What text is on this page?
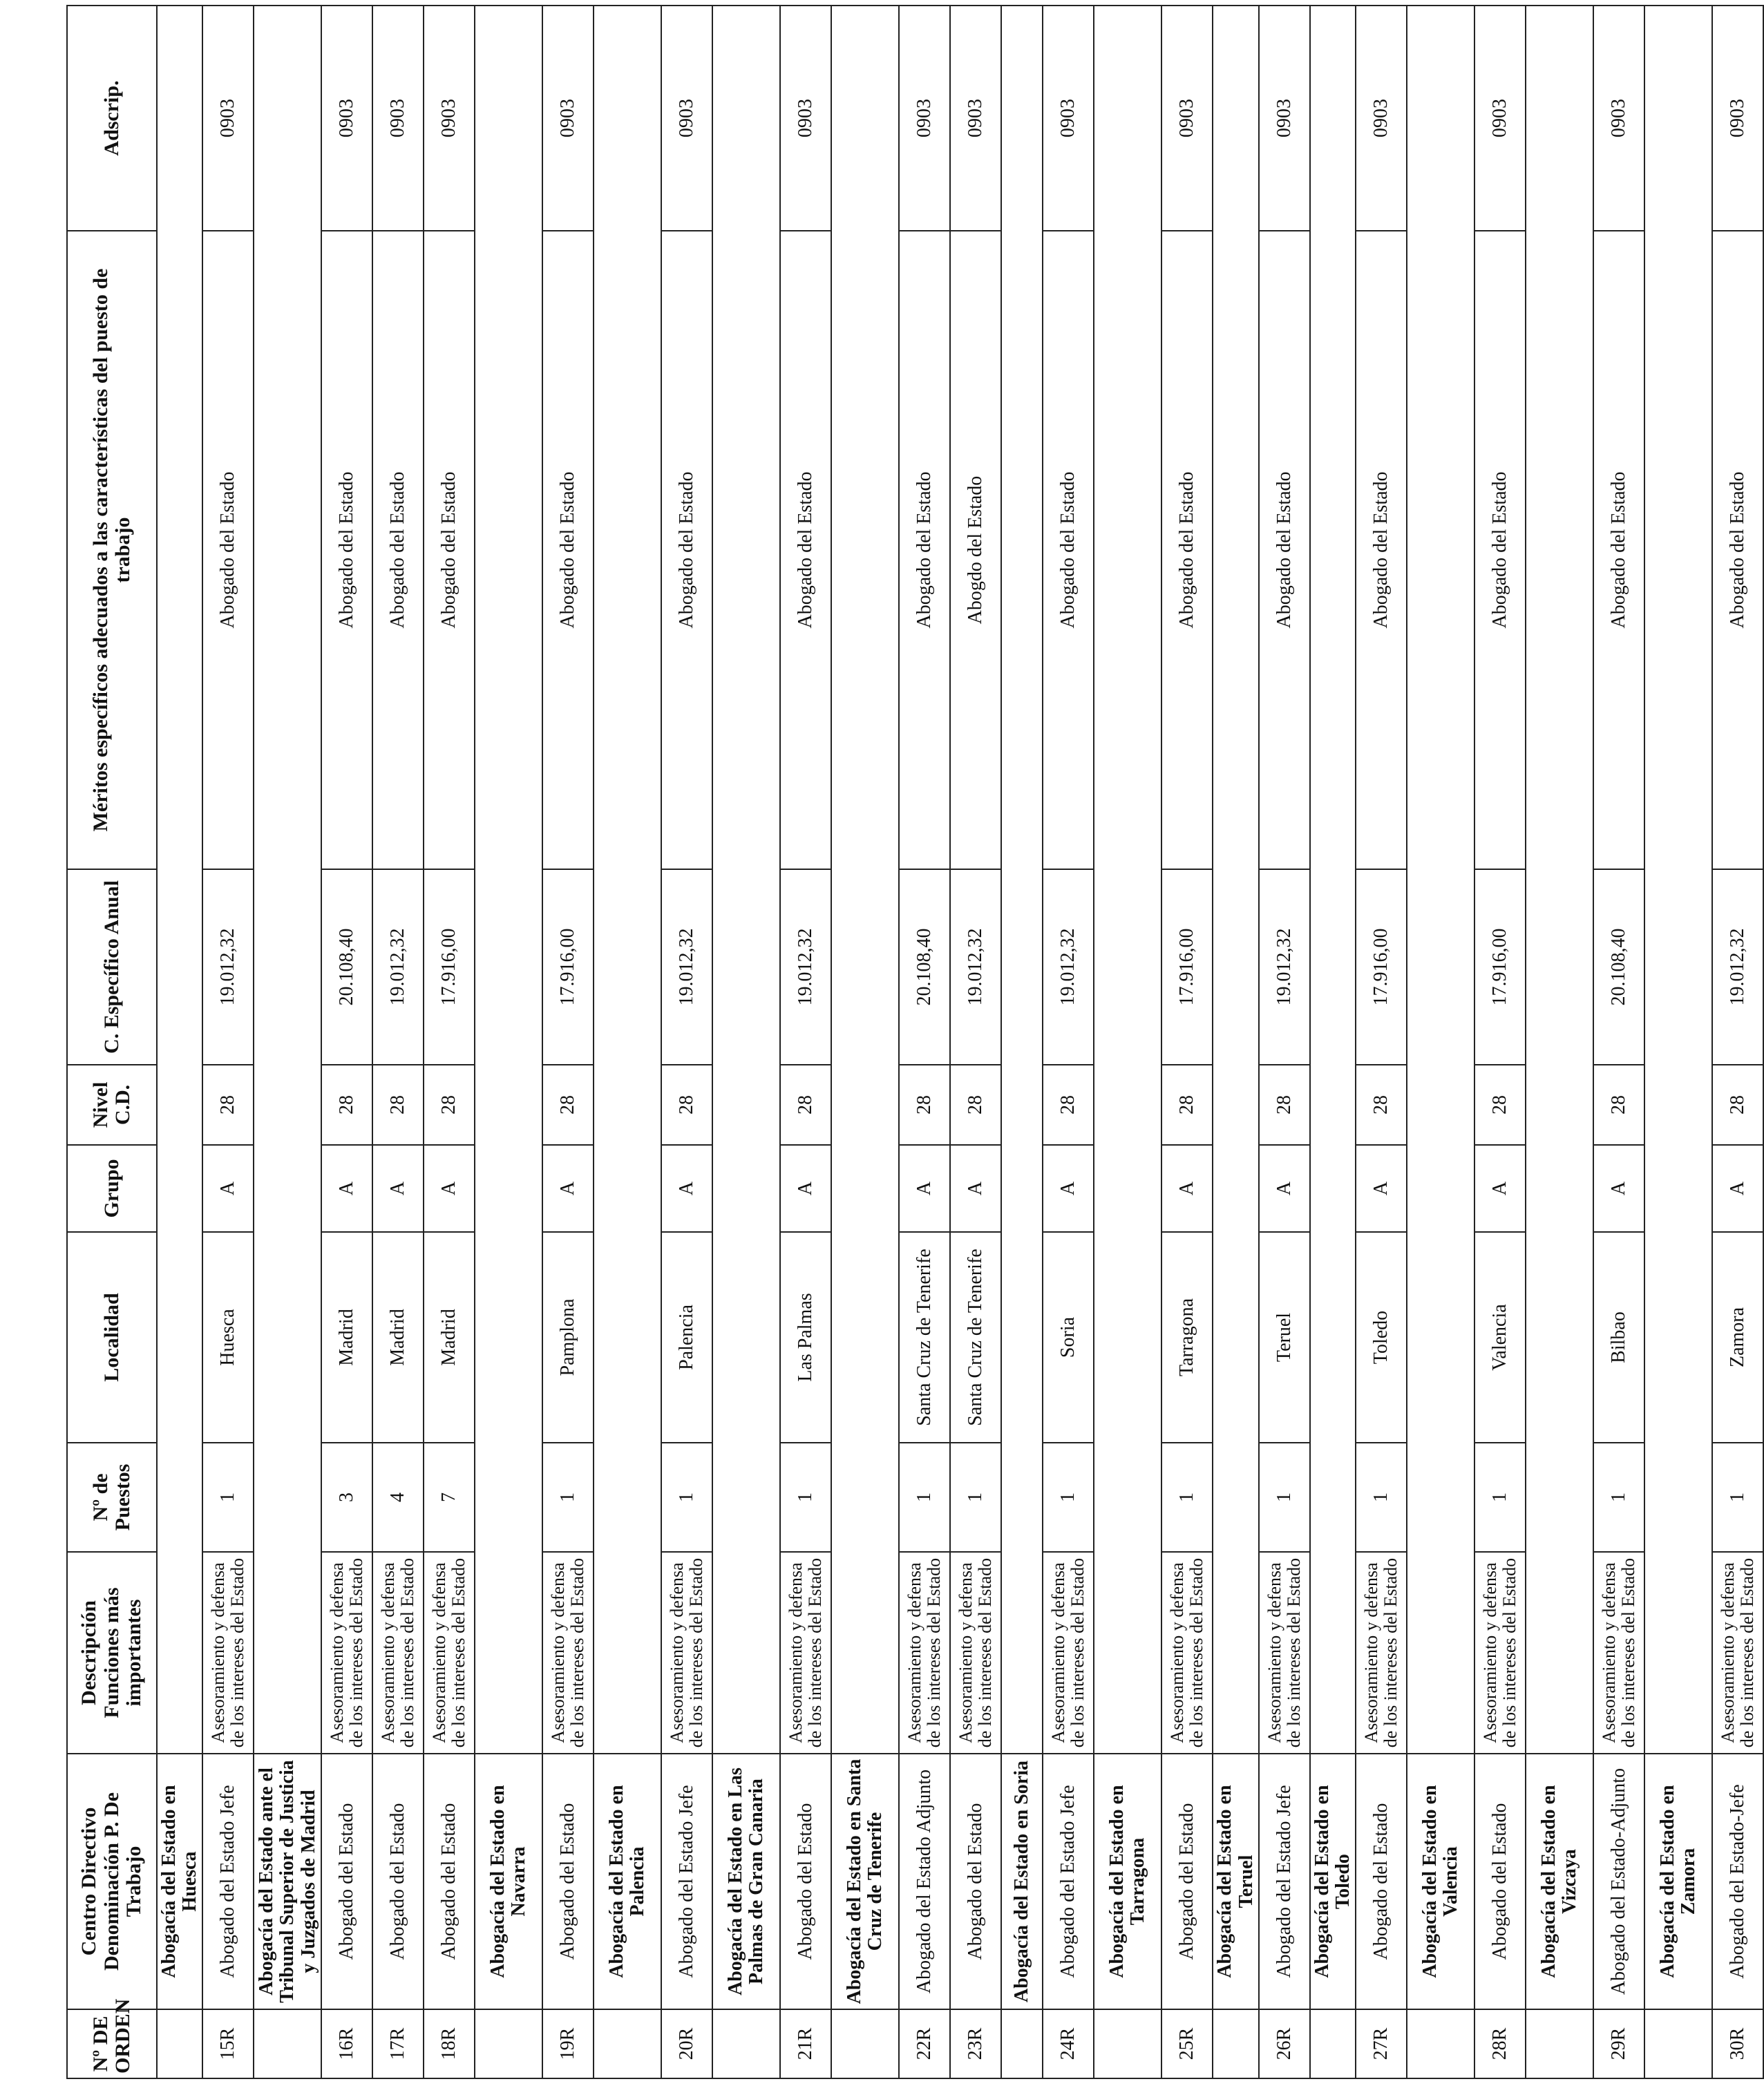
Nº DE ORDEN	Centro Directivo Denominación P. De Trabajo	Descripción Funciones más importantes	Nº de Puestos	Localidad	Grupo	Nivel C.D.	C. Específico Anual	Méritos específicos adecuados a las características del puesto de trabajo	Adscrip.
	Abogacía del Estado en Huesca								
15R	Abogado del Estado Jefe	Asesoramiento y defensa de los intereses del Estado	1	Huesca	A	28	19.012,32	Abogado del Estado	0903
	Abogacía del Estado ante el Tribunal Superior de Justicia y Juzgados de Madrid								
16R	Abogado del Estado	Asesoramiento y defensa de los intereses del Estado	3	Madrid	A	28	20.108,40	Abogado del Estado	0903
17R	Abogado del Estado	Asesoramiento y defensa de los intereses del Estado	4	Madrid	A	28	19.012,32	Abogado del Estado	0903
18R	Abogado del Estado	Asesoramiento y defensa de los intereses del Estado	7	Madrid	A	28	17.916,00	Abogado del Estado	0903
	Abogacía del Estado en Navarra								
19R	Abogado del Estado	Asesoramiento y defensa de los intereses del Estado	1	Pamplona	A	28	17.916,00	Abogado del Estado	0903
	Abogacía del Estado en Palencia								
20R	Abogado del Estado Jefe	Asesoramiento y defensa de los intereses del Estado	1	Palencia	A	28	19.012,32	Abogado del Estado	0903
	Abogacía del Estado en Las Palmas de Gran Canaria								
21R	Abogado del Estado	Asesoramiento y defensa de los intereses del Estado	1	Las Palmas	A	28	19.012,32	Abogado del Estado	0903
	Abogacía del Estado en Santa Cruz de Tenerife								
22R	Abogado del Estado Adjunto	Asesoramiento y defensa de los intereses del Estado	1	Santa Cruz de Tenerife	A	28	20.108,40	Abogado del Estado	0903
23R	Abogado del Estado	Asesoramiento y defensa de los intereses del Estado	1	Santa Cruz de Tenerife	A	28	19.012,32	Abogdo del Estado	0903
	Abogacía del Estado en Soria								
24R	Abogado del Estado Jefe	Asesoramiento y defensa de los intereses del Estado	1	Soria	A	28	19.012,32	Abogado del Estado	0903
	Abogacía del Estado en Tarragona								
25R	Abogado del Estado	Asesoramiento y defensa de los intereses del Estado	1	Tarragona	A	28	17.916,00	Abogado del Estado	0903
	Abogacía del Estado en Teruel								
26R	Abogado del Estado Jefe	Asesoramiento y defensa de los intereses del Estado	1	Teruel	A	28	19.012,32	Abogado del Estado	0903
	Abogacía del Estado en Toledo								
27R	Abogado del Estado	Asesoramiento y defensa de los intereses del Estado	1	Toledo	A	28	17.916,00	Abogado del Estado	0903
	Abogacía del Estado en Valencia								
28R	Abogado del Estado	Asesoramiento y defensa de los intereses del Estado	1	Valencia	A	28	17.916,00	Abogado del Estado	0903
	Abogacía del Estado en Vizcaya								
29R	Abogado del Estado-Adjunto	Asesoramiento y defensa de los intereses del Estado	1	Bilbao	A	28	20.108,40	Abogado del Estado	0903
	Abogacía del Estado en Zamora								
30R	Abogado del Estado-Jefe	Asesoramiento y defensa de los intereses del Estado	1	Zamora	A	28	19.012,32	Abogado del Estado	0903
